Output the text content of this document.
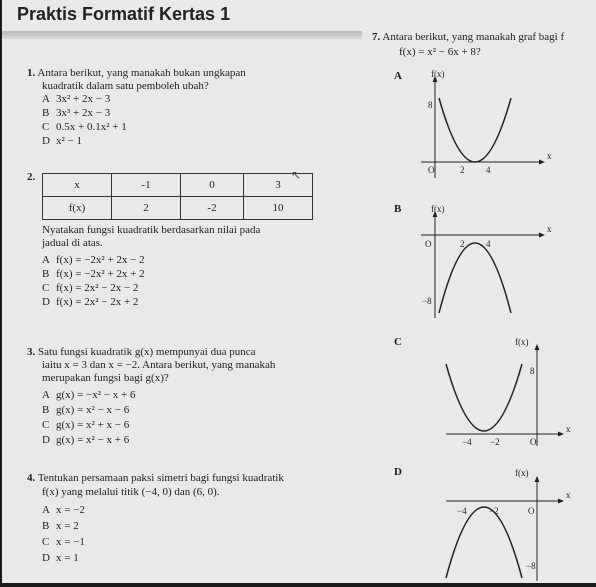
Praktis Formatif Kertas 1
1. Antara berikut, yang manakah bukan ungkapan
kuadratik dalam satu pemboleh ubah?
A 3x² + 2x − 3
B 3x³ + 2x − 3
C 0.5x + 0.1x² + 1
D x² − 1
2.
x	-1	0	3
f(x)	2	-2	10
↖
Nyatakan fungsi kuadratik berdasarkan nilai pada
jadual di atas.
A f(x) = −2x² + 2x − 2
B f(x) = −2x² + 2x + 2
C f(x) = 2x² − 2x − 2
D f(x) = 2x² − 2x + 2
3. Satu fungsi kuadratik g(x) mempunyai dua punca
iaitu x = 3 dan x = −2. Antara berikut, yang manakah
merupakan fungsi bagi g(x)?
A g(x) = −x² − x + 6
B g(x) = x² − x − 6
C g(x) = x² + x − 6
D g(x) = x² − x + 6
4. Tentukan persamaan paksi simetri bagi fungsi kuadratik
f(x) yang melalui titik (−4, 0) dan (6, 0).
A x = −2
B x = 2
C x = −1
D x = 1
7. Antara berikut, yang manakah graf bagi f
f(x) = x² − 6x + 8?
A	f(x)
x
8
O	2 4
B	f(x)
x
O	2 4
−8
C	f(x)
x
8
−4 −2	O
D	f(x)
x
−4 −2	O
−8
